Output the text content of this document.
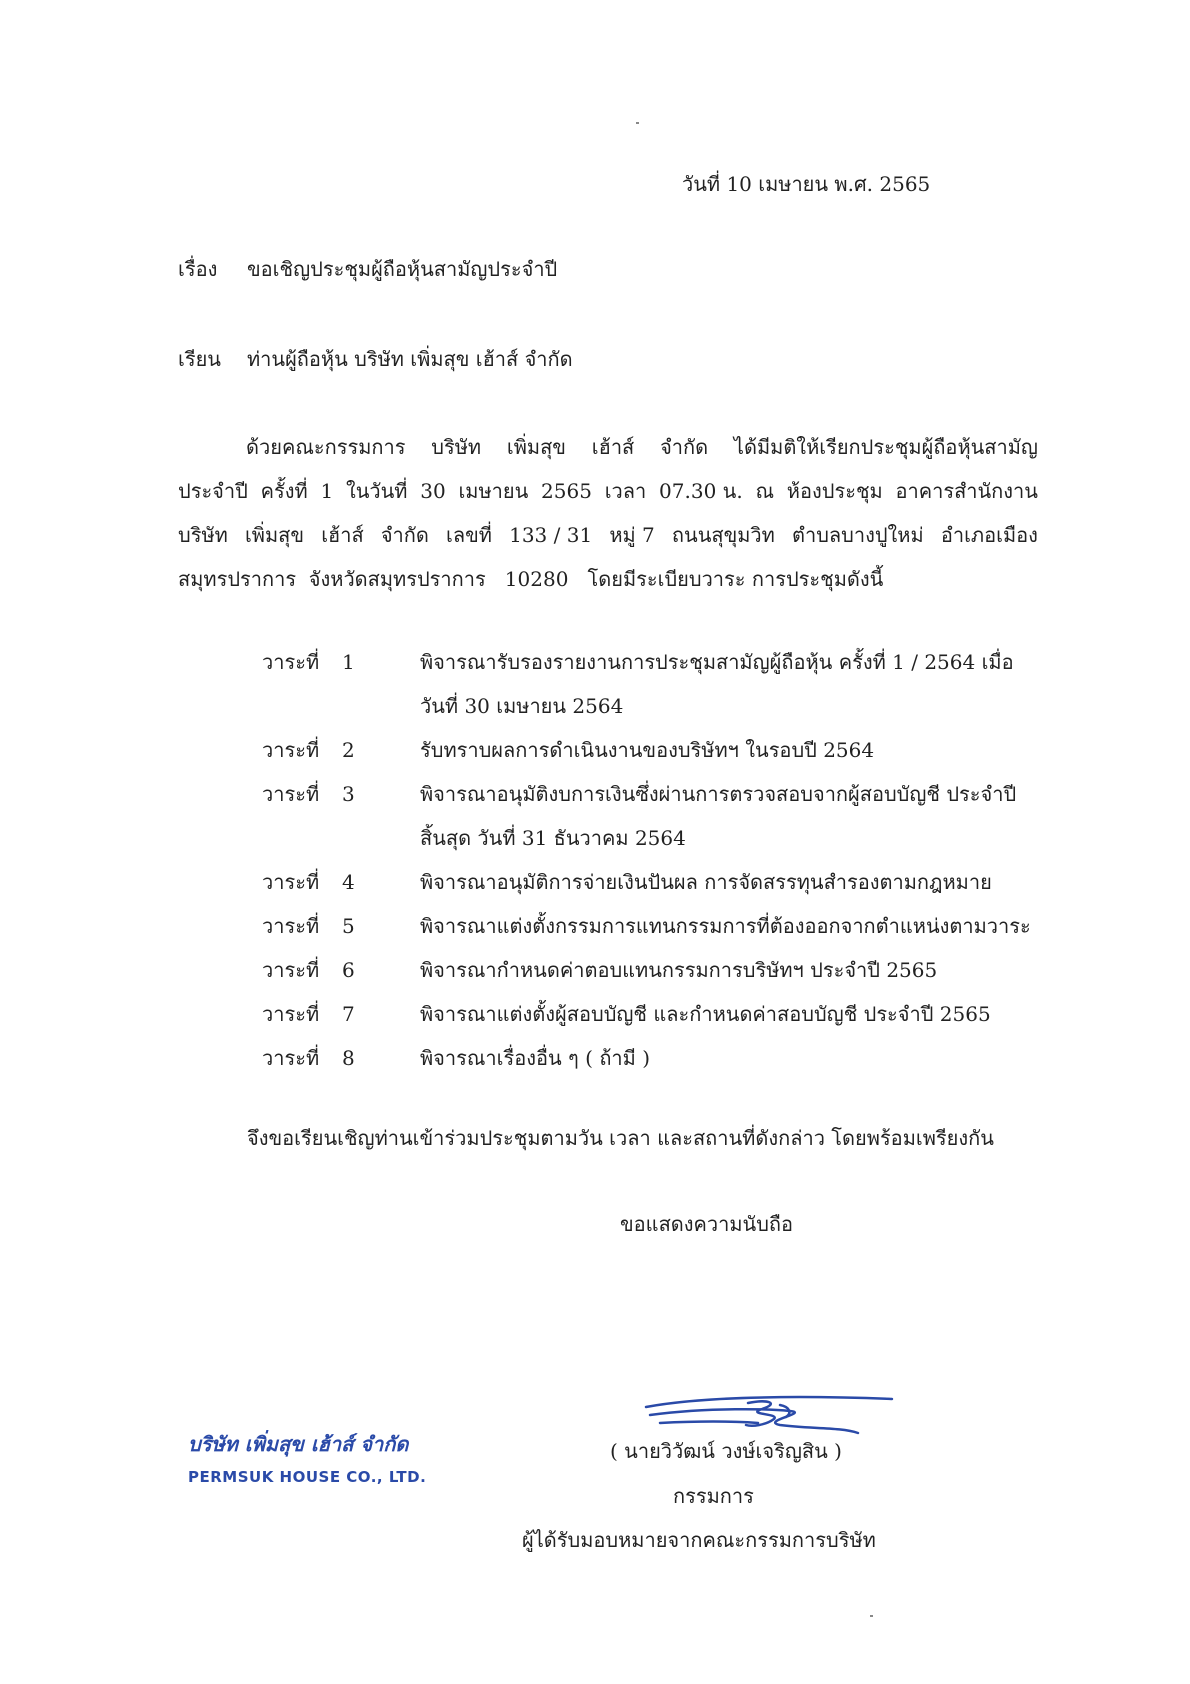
วันที่ 10 เมษายน พ.ศ. 2565
เรื่อง ขอเชิญประชุมผู้ถือหุ้นสามัญประจำปี
เรียน ท่านผู้ถือหุ้น บริษัท เพิ่มสุข เฮ้าส์ จำกัด
ด้วยคณะกรรมการ บริษัท เพิ่มสุข เฮ้าส์ จำกัด ได้มีมติให้เรียกประชุมผู้ถือหุ้นสามัญ
ประจำปี ครั้งที่ 1 ในวันที่ 30 เมษายน 2565 เวลา 07.30 น. ณ ห้องประชุม อาคารสำนักงาน
บริษัท เพิ่มสุข เฮ้าส์ จำกัด เลขที่ 133 / 31 หมู่ 7 ถนนสุขุมวิท ตำบลบางปูใหม่ อำเภอเมือง
สมุทรปราการ  จังหวัดสมุทรปราการ   10280   โดยมีระเบียบวาระ การประชุมดังนี้
วาระที่	1	พิจารณารับรองรายงานการประชุมสามัญผู้ถือหุ้น ครั้งที่ 1 / 2564 เมื่อ วันที่ 30 เมษายน 2564
วาระที่	2	รับทราบผลการดำเนินงานของบริษัทฯ ในรอบปี 2564
วาระที่	3	พิจารณาอนุมัติงบการเงินซึ่งผ่านการตรวจสอบจากผู้สอบบัญชี ประจำปี สิ้นสุด วันที่ 31 ธันวาคม 2564
วาระที่	4	พิจารณาอนุมัติการจ่ายเงินปันผล การจัดสรรทุนสำรองตามกฎหมาย
วาระที่	5	พิจารณาแต่งตั้งกรรมการแทนกรรมการที่ต้องออกจากตำแหน่งตามวาระ
วาระที่	6	พิจารณากำหนดค่าตอบแทนกรรมการบริษัทฯ ประจำปี 2565
วาระที่	7	พิจารณาแต่งตั้งผู้สอบบัญชี และกำหนดค่าสอบบัญชี ประจำปี 2565
วาระที่	8	พิจารณาเรื่องอื่น ๆ ( ถ้ามี )
จึงขอเรียนเชิญท่านเข้าร่วมประชุมตามวัน เวลา และสถานที่ดังกล่าว โดยพร้อมเพรียงกัน
ขอแสดงความนับถือ
บริษัท เพิ่มสุข เฮ้าส์ จำกัด
PERMSUK HOUSE CO., LTD.
( นายวิวัฒน์ วงษ์เจริญสิน )
กรรมการ
ผู้ได้รับมอบหมายจากคณะกรรมการบริษัท
